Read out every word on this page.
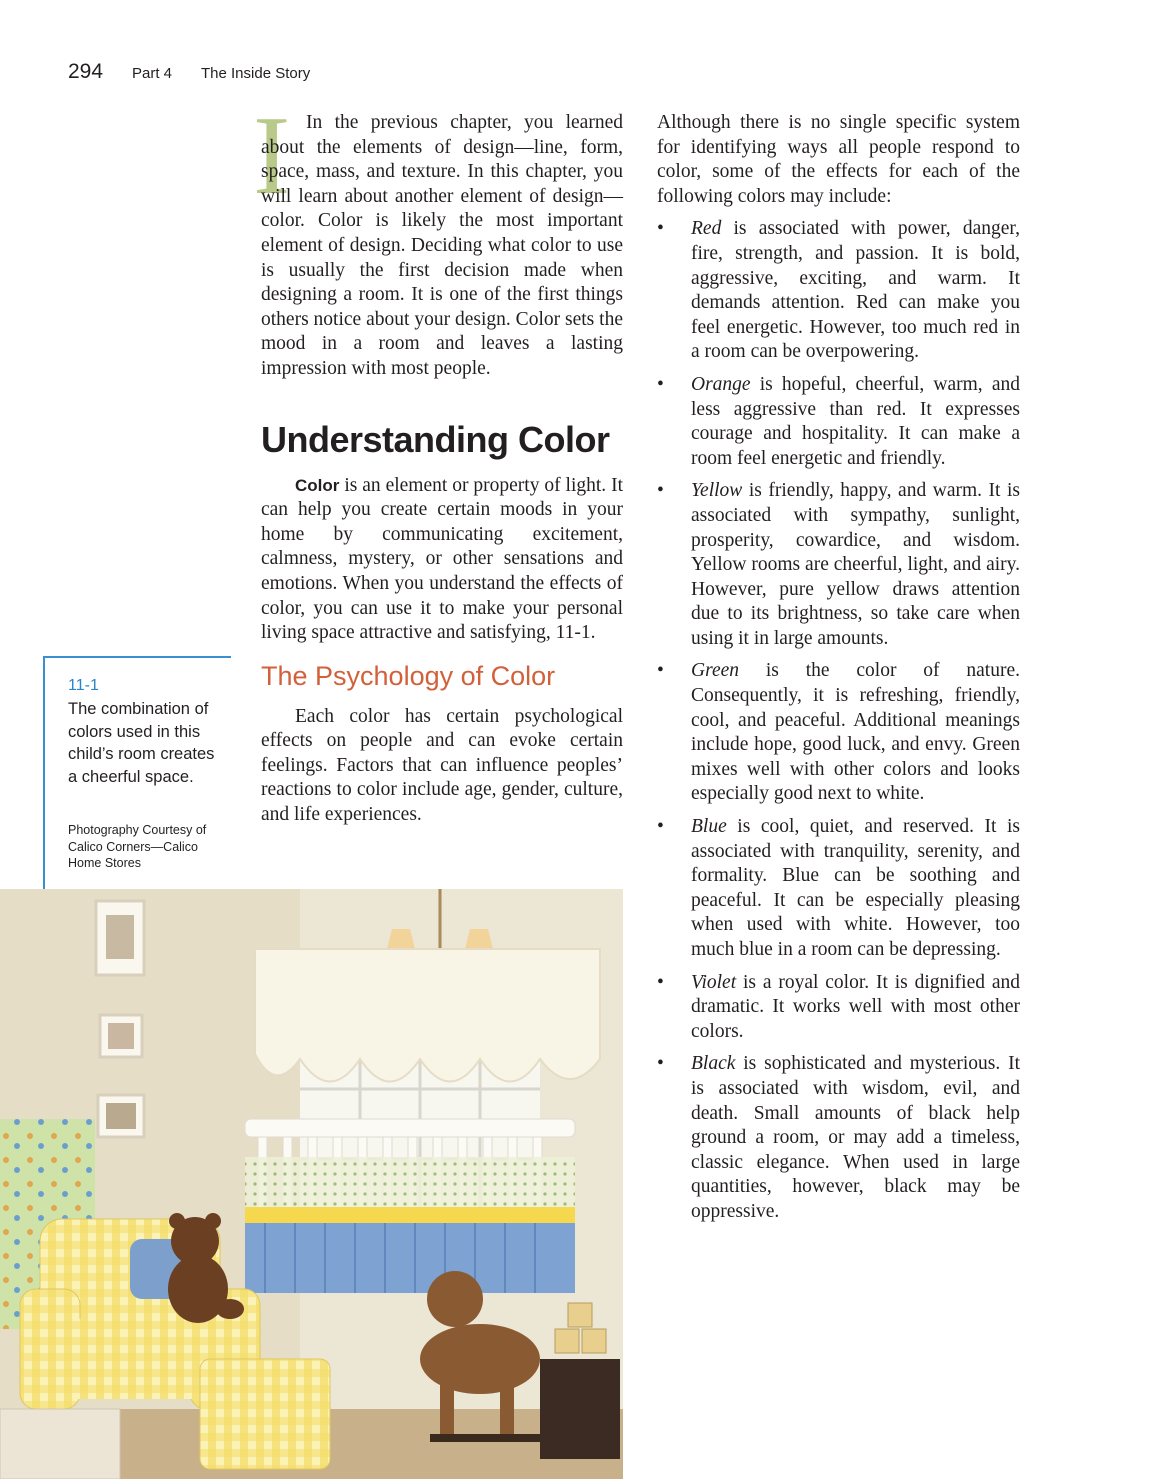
294 Part 4 The Inside Story
I In the previous chapter, you learned about the elements of design—line, form, space, mass, and texture. In this chapter, you will learn about another element of design—color. Color is likely the most important element of design. Deciding what color to use is usually the first decision made when designing a room. It is one of the first things others notice about your design. Color sets the mood in a room and leaves a lasting impression with most people.

Understanding Color

Color is an element or property of light. It can help you create certain moods in your home by communicating excitement, calmness, mystery, or other sensations and emotions. When you understand the effects of color, you can use it to make your personal living space attractive and satisfying, 11-1.

The Psychology of Color

Each color has certain psychological effects on people and can evoke certain feelings. Factors that can influence peoples’ reactions to color include age, gender, culture, and life experiences.

Although there is no single specific system for identifying ways all people respond to color, some of the effects for each of the following colors may include:

• Red is associated with power, danger, fire, strength, and passion. It is bold, aggressive, exciting, and warm. It demands attention. Red can make you feel energetic. However, too much red in a room can be overpowering.
• Orange is hopeful, cheerful, warm, and less aggressive than red. It expresses courage and hospitality. It can make a room feel energetic and friendly.
• Yellow is friendly, happy, and warm. It is associated with sympathy, sunlight, prosperity, cowardice, and wisdom. Yellow rooms are cheerful, light, and airy. However, pure yellow draws attention due to its brightness, so take care when using it in large amounts.
• Green is the color of nature. Consequently, it is refreshing, friendly, cool, and peaceful. Additional meanings include hope, good luck, and envy. Green mixes well with other colors and looks especially good next to white.
• Blue is cool, quiet, and reserved. It is associated with tranquility, serenity, and formality. Blue can be soothing and peaceful. It can be especially pleasing when used with white. However, too much blue in a room can be depressing.
• Violet is a royal color. It is dignified and dramatic. It works well with most other colors.
• Black is sophisticated and mysterious. It is associated with wisdom, evil, and death. Small amounts of black help ground a room, or may add a timeless, classic elegance. When used in large quantities, however, black may be oppressive.
11-1
The combination of colors used in this child’s room creates a cheerful space.
Photography Courtesy of Calico Corners—Calico Home Stores
